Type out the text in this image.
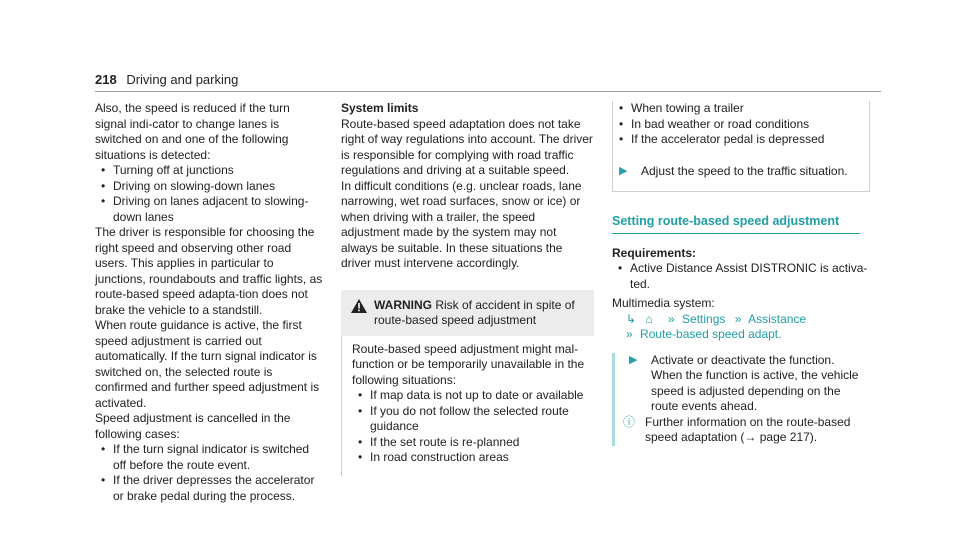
218 Driving and parking

Also, the speed is reduced if the turn signal indi-cator to change lanes is switched on and one of the following situations is detected:

• Turning off at junctions
• Driving on slowing-down lanes
• Driving on lanes adjacent to slowing-down lanes

The driver is responsible for choosing the right speed and observing other road users. This applies in particular to junctions, roundabouts and traffic lights, as route-based speed adapta-tion does not brake the vehicle to a standstill.

When route guidance is active, the first speed adjustment is carried out automatically. If the turn signal indicator is switched on, the selected route is confirmed and further speed adjustment is activated.

Speed adjustment is cancelled in the following cases:

• If the turn signal indicator is switched off before the route event.
• If the driver depresses the accelerator or brake pedal during the process.

System limits

Route-based speed adaptation does not take right of way regulations into account. The driver is responsible for complying with road traffic regulations and driving at a suitable speed.

In difficult conditions (e.g. unclear roads, lane narrowing, wet road surfaces, snow or ice) or when driving with a trailer, the speed adjustment made by the system may not always be suitable. In these situations the driver must intervene accordingly.

WARNING Risk of accident in spite of route-based speed adjustment

Route-based speed adjustment might mal-function or be temporarily unavailable in the following situations:

• If map data is not up to date or available
• If you do not follow the selected route guidance
• If the set route is re-planned
• In road construction areas
• When towing a trailer
• In bad weather or road conditions
• If the accelerator pedal is depressed
▶	Adjust the speed to the traffic situation.
Setting route-based speed adjustment

Requirements:

• Active Distance Assist DISTRONIC is activa-ted.

Multimedia system:

↳ ⌂ » Settings » Assistance
» Route-based speed adapt.
▶	Activate or deactivate the function.
When the function is active, the vehicle speed is adjusted depending on the route events ahead.
ⓘ Further information on the route-based speed adaptation (→ page 217).
